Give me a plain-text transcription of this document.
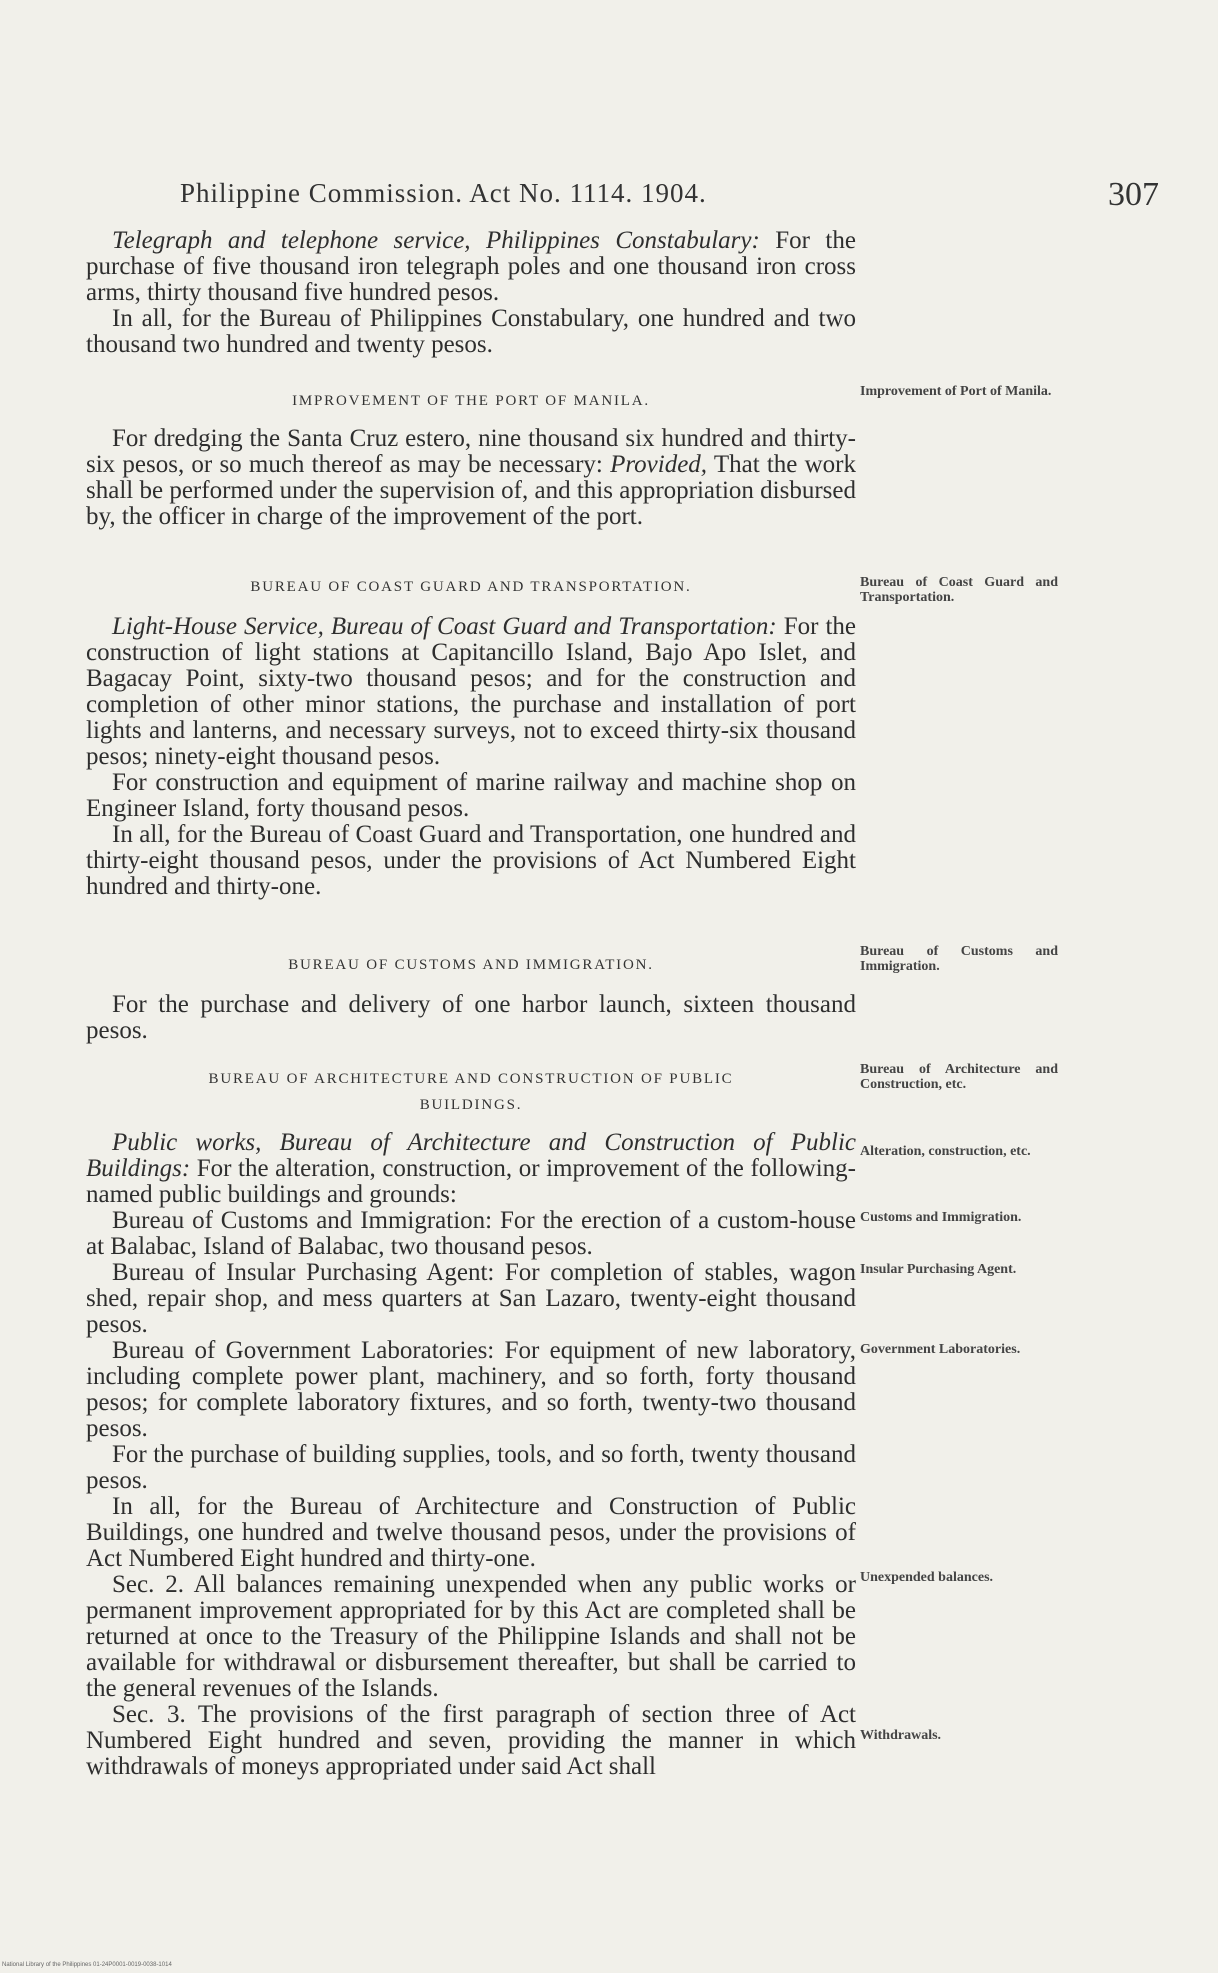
Philippine Commission. Act No. 1114. 1904.	307

Telegraph and telephone service, Philippines Constabulary: For the purchase of five thousand iron telegraph poles and one thousand iron cross arms, thirty thousand five hundred pesos.

In all, for the Bureau of Philippines Constabulary, one hundred and two thousand two hundred and twenty pesos.

IMPROVEMENT OF THE PORT OF MANILA.
Improvement of Port of Manila.

For dredging the Santa Cruz estero, nine thousand six hundred and thirty-six pesos, or so much thereof as may be necessary: Provided, That the work shall be performed under the supervision of, and this appropriation disbursed by, the officer in charge of the improvement of the port.

BUREAU OF COAST GUARD AND TRANSPORTATION.	Bureau of Coast Guard and Transportation.

Light-House Service, Bureau of Coast Guard and Transportation: For the construction of light stations at Capitancillo Island, Bajo Apo Islet, and Bagacay Point, sixty-two thousand pesos; and for the construction and completion of other minor stations, the purchase and installation of port lights and lanterns, and necessary surveys, not to exceed thirty-six thousand pesos; ninety-eight thousand pesos.

For construction and equipment of marine railway and machine shop on Engineer Island, forty thousand pesos.

In all, for the Bureau of Coast Guard and Transportation, one hundred and thirty-eight thousand pesos, under the provisions of Act Numbered Eight hundred and thirty-one.

BUREAU OF CUSTOMS AND IMMIGRATION.
Bureau of Customs and Immigration.

For the purchase and delivery of one harbor launch, sixteen thousand pesos.

BUREAU OF ARCHITECTURE AND CONSTRUCTION OF PUBLIC
BUILDINGS.
Bureau of Architecture and Construction, etc.

Public works, Bureau of Architecture and Construction of Public Buildings: For the alteration, construction, or improvement of the following-named public buildings and grounds:

Bureau of Customs and Immigration: For the erection of a custom-house at Balabac, Island of Balabac, two thousand pesos.

Bureau of Insular Purchasing Agent: For completion of stables, wagon shed, repair shop, and mess quarters at San Lazaro, twenty-eight thousand pesos.

Bureau of Government Laboratories: For equipment of new laboratory, including complete power plant, machinery, and so forth, forty thousand pesos; for complete laboratory fixtures, and so forth, twenty-two thousand pesos.

For the purchase of building supplies, tools, and so forth, twenty thousand pesos.

In all, for the Bureau of Architecture and Construction of Public Buildings, one hundred and twelve thousand pesos, under the provisions of Act Numbered Eight hundred and thirty-one.

Sec. 2. All balances remaining unexpended when any public works or permanent improvement appropriated for by this Act are completed shall be returned at once to the Treasury of the Philippine Islands and shall not be available for withdrawal or disbursement thereafter, but shall be carried to the general revenues of the Islands.

Sec. 3. The provisions of the first paragraph of section three of Act Numbered Eight hundred and seven, providing the manner in which withdrawals of moneys appropriated under said Act shall

Alteration, construction, etc.
Customs and Immigration.
Insular Purchasing Agent.
Government Laboratories.
Unexpended balances.
Withdrawals.
National Library of the Philippines 01-24P0001-0019-0038-1014
